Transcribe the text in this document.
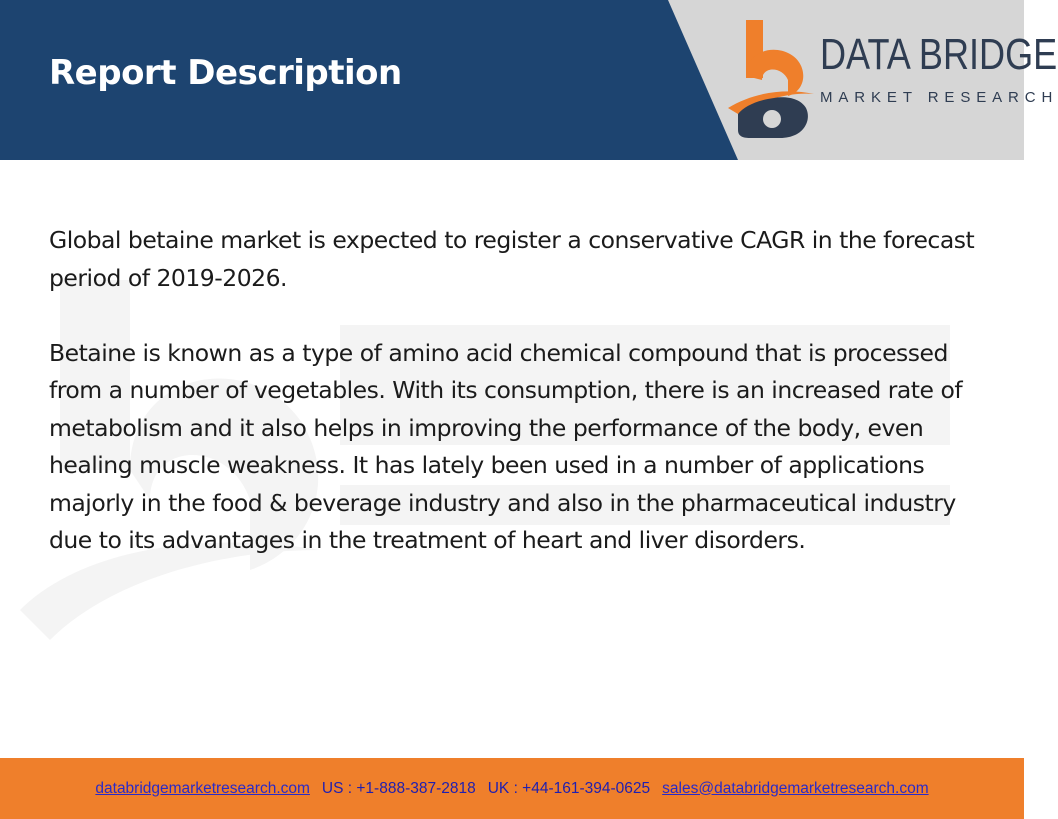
Report Description	DATA BRIDGE
MARKET RESEARCH

Global betaine market is expected to register a conservative CAGR in the forecast period of 2019-2026.

Betaine is known as a type of amino acid chemical compound that is processed from a number of vegetables. With its consumption, there is an increased rate of metabolism and it also helps in improving the performance of the body, even healing muscle weakness. It has lately been used in a number of applications majorly in the food & beverage industry and also in the pharmaceutical industry due to its advantages in the treatment of heart and liver disorders.

databridgemarketresearch.com US : +1-888-387-2818 UK : +44-161-394-0625 sales@databridgemarketresearch.com
